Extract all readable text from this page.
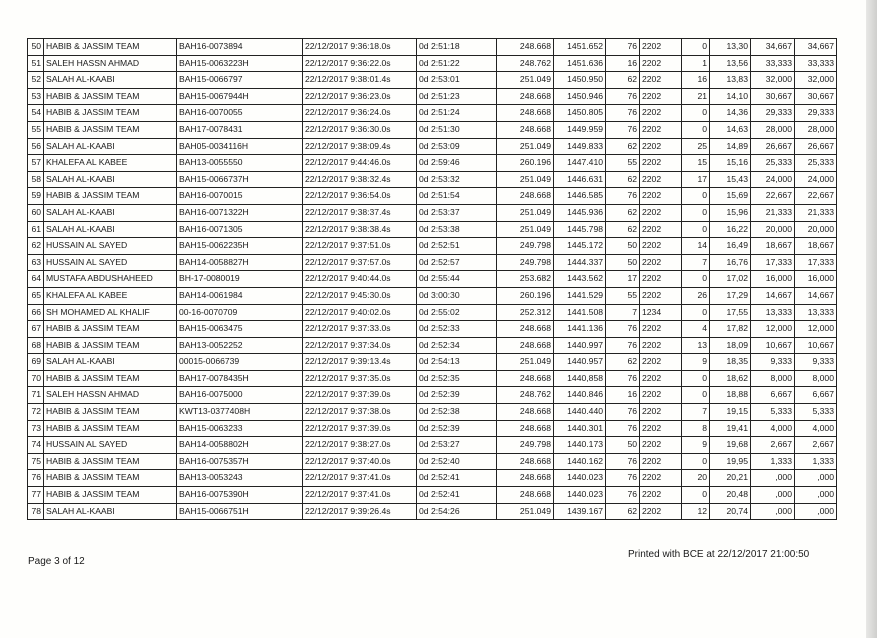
50	HABIB & JASSIM TEAM	BAH16-0073894	22/12/2017 9:36:18.0s	0d 2:51:18	248.668	1451.652	76	2202	0	13,30	34,667	34,667
51	SALEH HASSN AHMAD	BAH15-0063223H	22/12/2017 9:36:22.0s	0d 2:51:22	248.762	1451.636	16	2202	1	13,56	33,333	33,333
52	SALAH AL-KAABI	BAH15-0066797	22/12/2017 9:38:01.4s	0d 2:53:01	251.049	1450.950	62	2202	16	13,83	32,000	32,000
53	HABIB & JASSIM TEAM	BAH15-0067944H	22/12/2017 9:36:23.0s	0d 2:51:23	248.668	1450.946	76	2202	21	14,10	30,667	30,667
54	HABIB & JASSIM TEAM	BAH16-0070055	22/12/2017 9:36:24.0s	0d 2:51:24	248.668	1450.805	76	2202	0	14,36	29,333	29,333
55	HABIB & JASSIM TEAM	BAH17-0078431	22/12/2017 9:36:30.0s	0d 2:51:30	248.668	1449.959	76	2202	0	14,63	28,000	28,000
56	SALAH AL-KAABI	BAH05-0034116H	22/12/2017 9:38:09.4s	0d 2:53:09	251.049	1449.833	62	2202	25	14,89	26,667	26,667
57	KHALEFA AL KABEE	BAH13-0055550	22/12/2017 9:44:46.0s	0d 2:59:46	260.196	1447.410	55	2202	15	15,16	25,333	25,333
58	SALAH AL-KAABI	BAH15-0066737H	22/12/2017 9:38:32.4s	0d 2:53:32	251.049	1446.631	62	2202	17	15,43	24,000	24,000
59	HABIB & JASSIM TEAM	BAH16-0070015	22/12/2017 9:36:54.0s	0d 2:51:54	248.668	1446.585	76	2202	0	15,69	22,667	22,667
60	SALAH AL-KAABI	BAH16-0071322H	22/12/2017 9:38:37.4s	0d 2:53:37	251.049	1445.936	62	2202	0	15,96	21,333	21,333
61	SALAH AL-KAABI	BAH16-0071305	22/12/2017 9:38:38.4s	0d 2:53:38	251.049	1445.798	62	2202	0	16,22	20,000	20,000
62	HUSSAIN AL SAYED	BAH15-0062235H	22/12/2017 9:37:51.0s	0d 2:52:51	249.798	1445.172	50	2202	14	16,49	18,667	18,667
63	HUSSAIN AL SAYED	BAH14-0058827H	22/12/2017 9:37:57.0s	0d 2:52:57	249.798	1444.337	50	2202	7	16,76	17,333	17,333
64	MUSTAFA ABDUSHAHEED	BH-17-0080019	22/12/2017 9:40:44.0s	0d 2:55:44	253.682	1443.562	17	2202	0	17,02	16,000	16,000
65	KHALEFA AL KABEE	BAH14-0061984	22/12/2017 9:45:30.0s	0d 3:00:30	260.196	1441.529	55	2202	26	17,29	14,667	14,667
66	SH MOHAMED AL KHALIF	00-16-0070709	22/12/2017 9:40:02.0s	0d 2:55:02	252.312	1441.508	7	1234	0	17,55	13,333	13,333
67	HABIB & JASSIM TEAM	BAH15-0063475	22/12/2017 9:37:33.0s	0d 2:52:33	248.668	1441.136	76	2202	4	17,82	12,000	12,000
68	HABIB & JASSIM TEAM	BAH13-0052252	22/12/2017 9:37:34.0s	0d 2:52:34	248.668	1440.997	76	2202	13	18,09	10,667	10,667
69	SALAH AL-KAABI	00015-0066739	22/12/2017 9:39:13.4s	0d 2:54:13	251.049	1440.957	62	2202	9	18,35	9,333	9,333
70	HABIB & JASSIM TEAM	BAH17-0078435H	22/12/2017 9:37:35.0s	0d 2:52:35	248.668	1440,858	76	2202	0	18,62	8,000	8,000
71	SALEH HASSN AHMAD	BAH16-0075000	22/12/2017 9:37:39.0s	0d 2:52:39	248.762	1440.846	16	2202	0	18,88	6,667	6,667
72	HABIB & JASSIM TEAM	KWT13-0377408H	22/12/2017 9:37:38.0s	0d 2:52:38	248.668	1440.440	76	2202	7	19,15	5,333	5,333
73	HABIB & JASSIM TEAM	BAH15-0063233	22/12/2017 9:37:39.0s	0d 2:52:39	248.668	1440.301	76	2202	8	19,41	4,000	4,000
74	HUSSAIN AL SAYED	BAH14-0058802H	22/12/2017 9:38:27.0s	0d 2:53:27	249.798	1440.173	50	2202	9	19,68	2,667	2,667
75	HABIB & JASSIM TEAM	BAH16-0075357H	22/12/2017 9:37:40.0s	0d 2:52:40	248.668	1440.162	76	2202	0	19,95	1,333	1,333
76	HABIB & JASSIM TEAM	BAH13-0053243	22/12/2017 9:37:41.0s	0d 2:52:41	248.668	1440.023	76	2202	20	20,21	,000	,000
77	HABIB & JASSIM TEAM	BAH16-0075390H	22/12/2017 9:37:41.0s	0d 2:52:41	248.668	1440.023	76	2202	0	20,48	,000	,000
78	SALAH AL-KAABI	BAH15-0066751H	22/12/2017 9:39:26.4s	0d 2:54:26	251.049	1439.167	62	2202	12	20,74	,000	,000
Page 3 of 12
Printed with BCE at 22/12/2017 21:00:50
